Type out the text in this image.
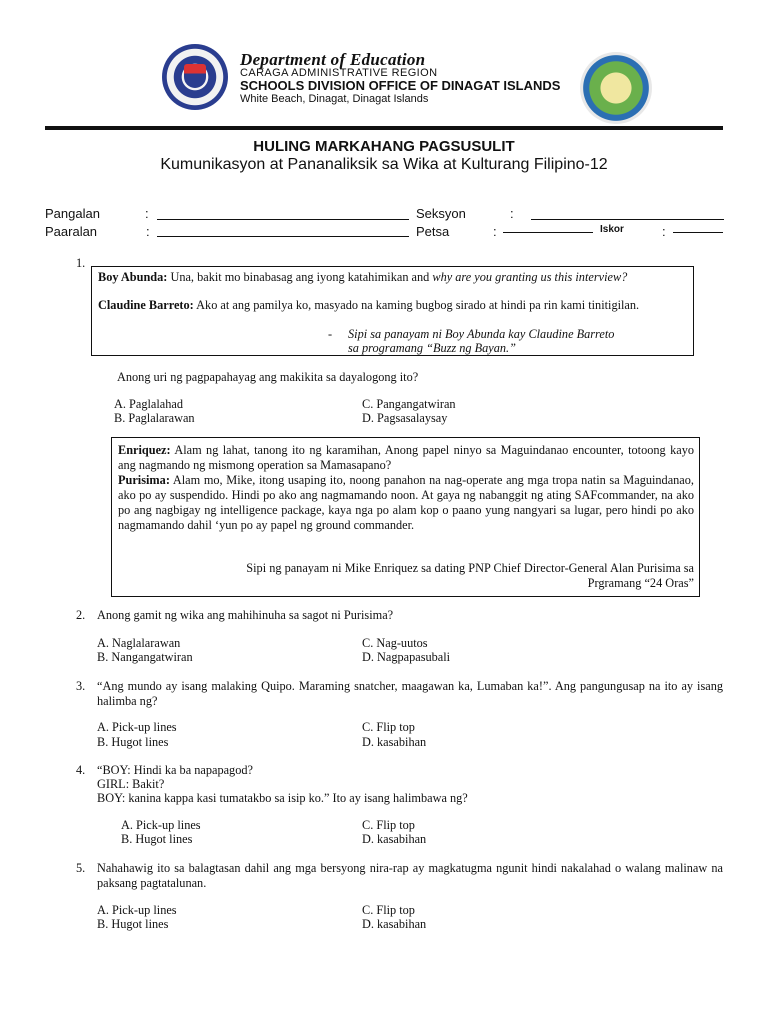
Department of Education
CARAGA ADMINISTRATIVE REGION
SCHOOLS DIVISION OFFICE OF DINAGAT ISLANDS
White Beach, Dinagat, Dinagat Islands
HULING MARKAHANG PAGSUSULIT
Kumunikasyon at Pananaliksik sa Wika at Kulturang Filipino-12
Pangalan	:	Seksyon	:
Paaralan	:	Petsa	:	Iskor	:
1.
Boy Abunda: Una, bakit mo binabasag ang iyong katahimikan and why are you granting us this interview?
Claudine Barreto: Ako at ang pamilya ko, masyado na kaming bugbog sirado at hindi pa rin kami tinitigilan.
- Sipi sa panayam ni Boy Abunda kay Claudine Barreto
sa programang “Buzz ng Bayan.”
Anong uri ng pagpapahayag ang makikita sa dayalogong ito?
A. Paglalahad
B. Paglalarawan
C. Pangangatwiran
D. Pagsasalaysay
Enriquez: Alam ng lahat, tanong ito ng karamihan, Anong papel ninyo sa Maguindanao encounter, totoong kayo ang nagmando ng mismong operation sa Mamasapano?
Purisima: Alam mo, Mike, itong usaping ito, noong panahon na nag-operate ang mga tropa natin sa Maguindanao, ako po ay suspendido. Hindi po ako ang nagmamando noon. At gaya ng nabanggit ng ating SAFcommander, na ako po ang nagbigay ng intelligence package, kaya nga po alam kop o paano yung nangyari sa lugar, pero hindi po ako nagmamando dahil ‘yun po ay papel ng ground commander.
Sipi ng panayam ni Mike Enriquez sa dating PNP Chief Director-General Alan Purisima sa
Prgramang “24 Oras”
2. Anong gamit ng wika ang mahihinuha sa sagot ni Purisima?
A. Naglalarawan
B. Nangangatwiran
C. Nag-uutos
D. Nagpapasubali
3. “Ang mundo ay isang malaking Quipo. Maraming snatcher, maagawan ka, Lumaban ka!”. Ang pangungusap na ito ay isang halimba ng?
A. Pick-up lines
B. Hugot lines
C. Flip top
D. kasabihan
4. “BOY: Hindi ka ba napapagod?
GIRL: Bakit?
BOY: kanina kappa kasi tumatakbo sa isip ko.” Ito ay isang halimbawa ng?
A. Pick-up lines
B. Hugot lines
C. Flip top
D. kasabihan
5. Nahahawig ito sa balagtasan dahil ang mga bersyong nira-rap ay magkatugma ngunit hindi nakalahad o walang malinaw na paksang pagtatalunan.
A. Pick-up lines
B. Hugot lines
C. Flip top
D. kasabihan
